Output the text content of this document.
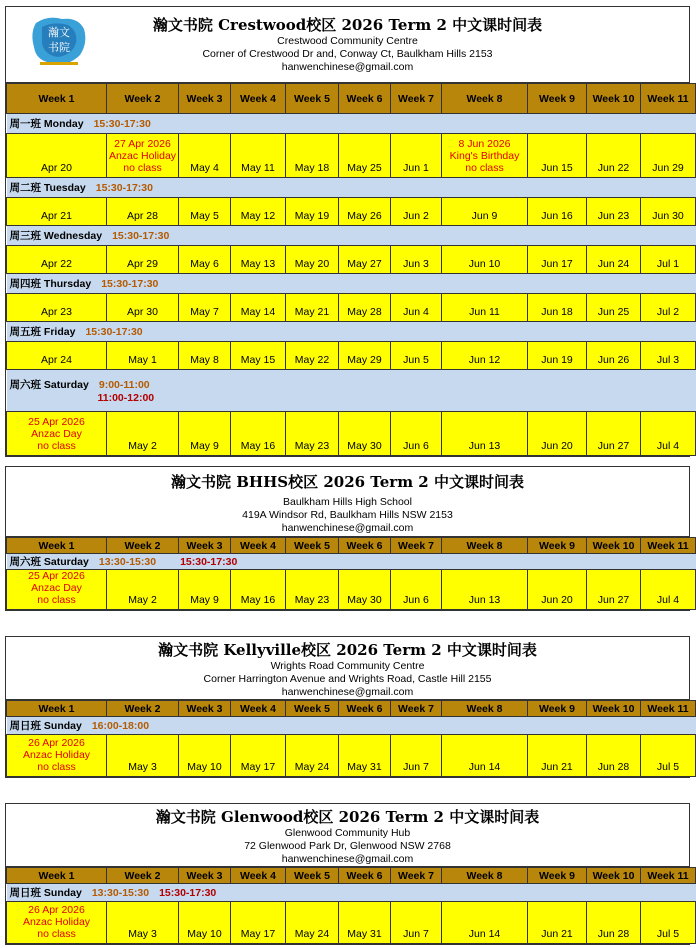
瀚文
书院
瀚文书院 Crestwood校区 2026 Term 2 中文课时间表
Crestwood Community Centre
Corner of Crestwood Dr and, Conway Ct, Baulkham Hills 2153
hanwenchinese@gmail.com
Week 1	Week 2	Week 3	Week 4	Week 5	Week 6	Week 7	Week 8	Week 9	Week 10	Week 11
周一班 Monday 15:30-17:30										
Apr 20	27 Apr 2026
Anzac Holiday
no class	May 4	May 11	May 18	May 25	Jun 1	8 Jun 2026
King's Birthday
no class	Jun 15	Jun 22	Jun 29
周二班 Tuesday 15:30-17:30										
Apr 21	Apr 28	May 5	May 12	May 19	May 26	Jun 2	Jun 9	Jun 16	Jun 23	Jun 30
周三班 Wednesday 15:30-17:30										
Apr 22	Apr 29	May 6	May 13	May 20	May 27	Jun 3	Jun 10	Jun 17	Jun 24	Jul 1
周四班 Thursday 15:30-17:30										
Apr 23	Apr 30	May 7	May 14	May 21	May 28	Jun 4	Jun 11	Jun 18	Jun 25	Jul 2
周五班 Friday 15:30-17:30										
Apr 24	May 1	May 8	May 15	May 22	May 29	Jun 5	Jun 12	Jun 19	Jun 26	Jul 3
周六班 Saturday 9:00-11:00
11:00-12:00										

25 Apr 2026
Anzac Day
no class	May 2	May 9	May 16	May 23	May 30	Jun 6	Jun 13	Jun 20	Jun 27	Jul 4
瀚文书院 BHHS校区 2026 Term 2 中文课时间表
Baulkham Hills High School
419A Windsor Rd, Baulkham Hills NSW 2153
hanwenchinese@gmail.com
Week 1	Week 2	Week 3	Week 4	Week 5	Week 6	Week 7	Week 8	Week 9	Week 10	Week 11
周六班 Saturday 13:30-15:30 15:30-17:30										

25 Apr 2026
Anzac Day
no class	May 2	May 9	May 16	May 23	May 30	Jun 6	Jun 13	Jun 20	Jun 27	Jul 4
瀚文书院 Kellyville校区 2026 Term 2 中文课时间表
Wrights Road Community Centre
Corner Harrington Avenue and Wrights Road, Castle Hill 2155
hanwenchinese@gmail.com
Week 1	Week 2	Week 3	Week 4	Week 5	Week 6	Week 7	Week 8	Week 9	Week 10	Week 11
周日班 Sunday 16:00-18:00										

26 Apr 2026
Anzac Holiday
no class	May 3	May 10	May 17	May 24	May 31	Jun 7	Jun 14	Jun 21	Jun 28	Jul 5
瀚文书院 Glenwood校区 2026 Term 2 中文课时间表
Glenwood Community Hub
72 Glenwood Park Dr, Glenwood NSW 2768
hanwenchinese@gmail.com
Week 1	Week 2	Week 3	Week 4	Week 5	Week 6	Week 7	Week 8	Week 9	Week 10	Week 11
周日班 Sunday 13:30-15:30 15:30-17:30										

26 Apr 2026
Anzac Holiday
no class	May 3	May 10	May 17	May 24	May 31	Jun 7	Jun 14	Jun 21	Jun 28	Jul 5
